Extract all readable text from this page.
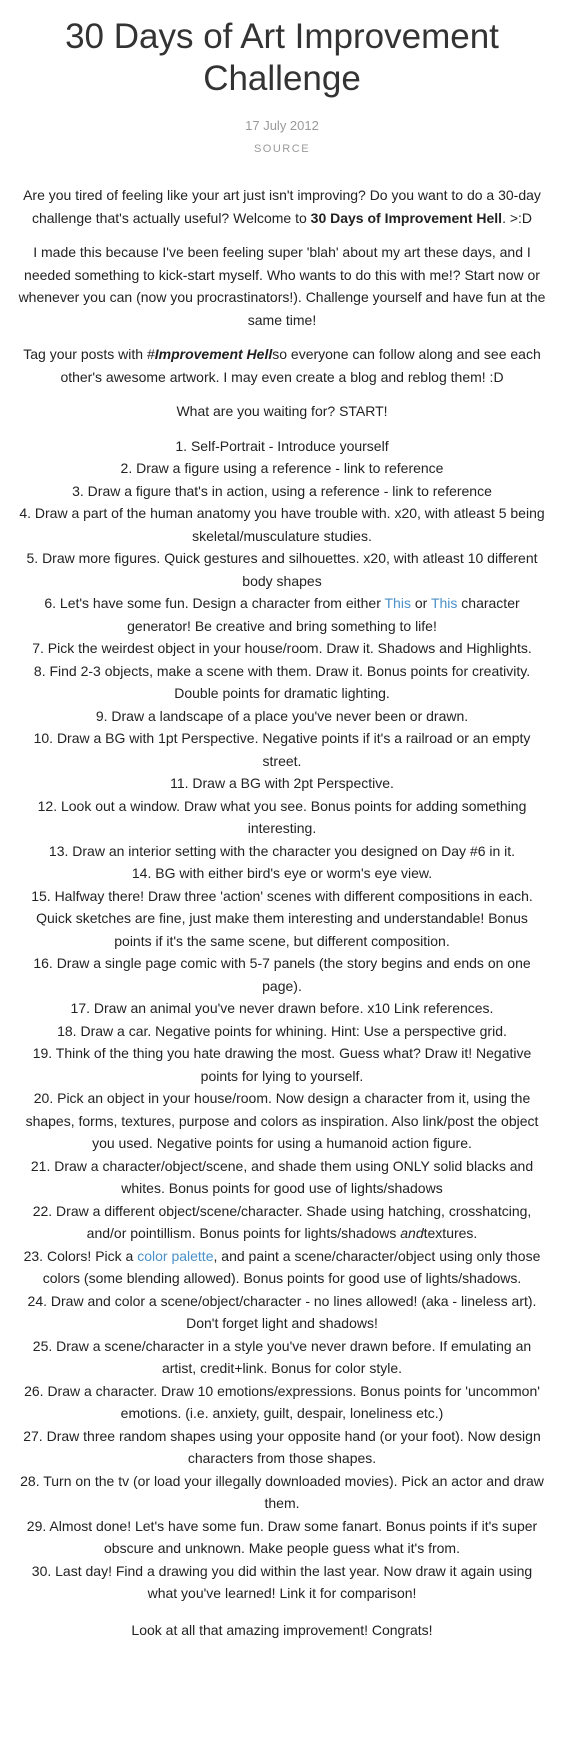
30 Days of Art Improvement Challenge
17 July 2012
SOURCE

Are you tired of feeling like your art just isn't improving? Do you want to do a 30-day challenge that's actually useful? Welcome to 30 Days of Improvement Hell. >:D

I made this because I've been feeling super 'blah' about my art these days, and I needed something to kick-start myself. Who wants to do this with me!? Start now or whenever you can (now you procrastinators!). Challenge yourself and have fun at the same time!

Tag your posts with #Improvement Hellso everyone can follow along and see each other's awesome artwork. I may even create a blog and reblog them! :D

What are you waiting for? START!

1. Self-Portrait - Introduce yourself
2. Draw a figure using a reference - link to reference
3. Draw a figure that's in action, using a reference - link to reference
4. Draw a part of the human anatomy you have trouble with. x20, with atleast 5 being skeletal/musculature studies.
5. Draw more figures. Quick gestures and silhouettes. x20, with atleast 10 different body shapes
6. Let's have some fun. Design a character from either This or This character generator! Be creative and bring something to life!
7. Pick the weirdest object in your house/room. Draw it. Shadows and Highlights.
8. Find 2-3 objects, make a scene with them. Draw it. Bonus points for creativity. Double points for dramatic lighting.
9. Draw a landscape of a place you've never been or drawn.
10. Draw a BG with 1pt Perspective. Negative points if it's a railroad or an empty street.
11. Draw a BG with 2pt Perspective.
12. Look out a window. Draw what you see. Bonus points for adding something interesting.
13. Draw an interior setting with the character you designed on Day #6 in it.
14. BG with either bird's eye or worm's eye view.
15. Halfway there! Draw three 'action' scenes with different compositions in each. Quick sketches are fine, just make them interesting and understandable! Bonus points if it's the same scene, but different composition.
16. Draw a single page comic with 5-7 panels (the story begins and ends on one page).
17. Draw an animal you've never drawn before. x10 Link references.
18. Draw a car. Negative points for whining. Hint: Use a perspective grid.
19. Think of the thing you hate drawing the most. Guess what? Draw it! Negative points for lying to yourself.
20. Pick an object in your house/room. Now design a character from it, using the shapes, forms, textures, purpose and colors as inspiration. Also link/post the object you used. Negative points for using a humanoid action figure.
21. Draw a character/object/scene, and shade them using ONLY solid blacks and whites. Bonus points for good use of lights/shadows
22. Draw a different object/scene/character. Shade using hatching, crosshatcing, and/or pointillism. Bonus points for lights/shadows andtextures.
23. Colors! Pick a color palette, and paint a scene/character/object using only those colors (some blending allowed). Bonus points for good use of lights/shadows.
24. Draw and color a scene/object/character - no lines allowed! (aka - lineless art). Don't forget light and shadows!
25. Draw a scene/character in a style you've never drawn before. If emulating an artist, credit+link. Bonus for color style.
26. Draw a character. Draw 10 emotions/expressions. Bonus points for 'uncommon' emotions. (i.e. anxiety, guilt, despair, loneliness etc.)
27. Draw three random shapes using your opposite hand (or your foot). Now design characters from those shapes.
28. Turn on the tv (or load your illegally downloaded movies). Pick an actor and draw them.
29. Almost done! Let's have some fun. Draw some fanart. Bonus points if it's super obscure and unknown. Make people guess what it's from.
30. Last day! Find a drawing you did within the last year. Now draw it again using what you've learned! Link it for comparison!

Look at all that amazing improvement! Congrats!
